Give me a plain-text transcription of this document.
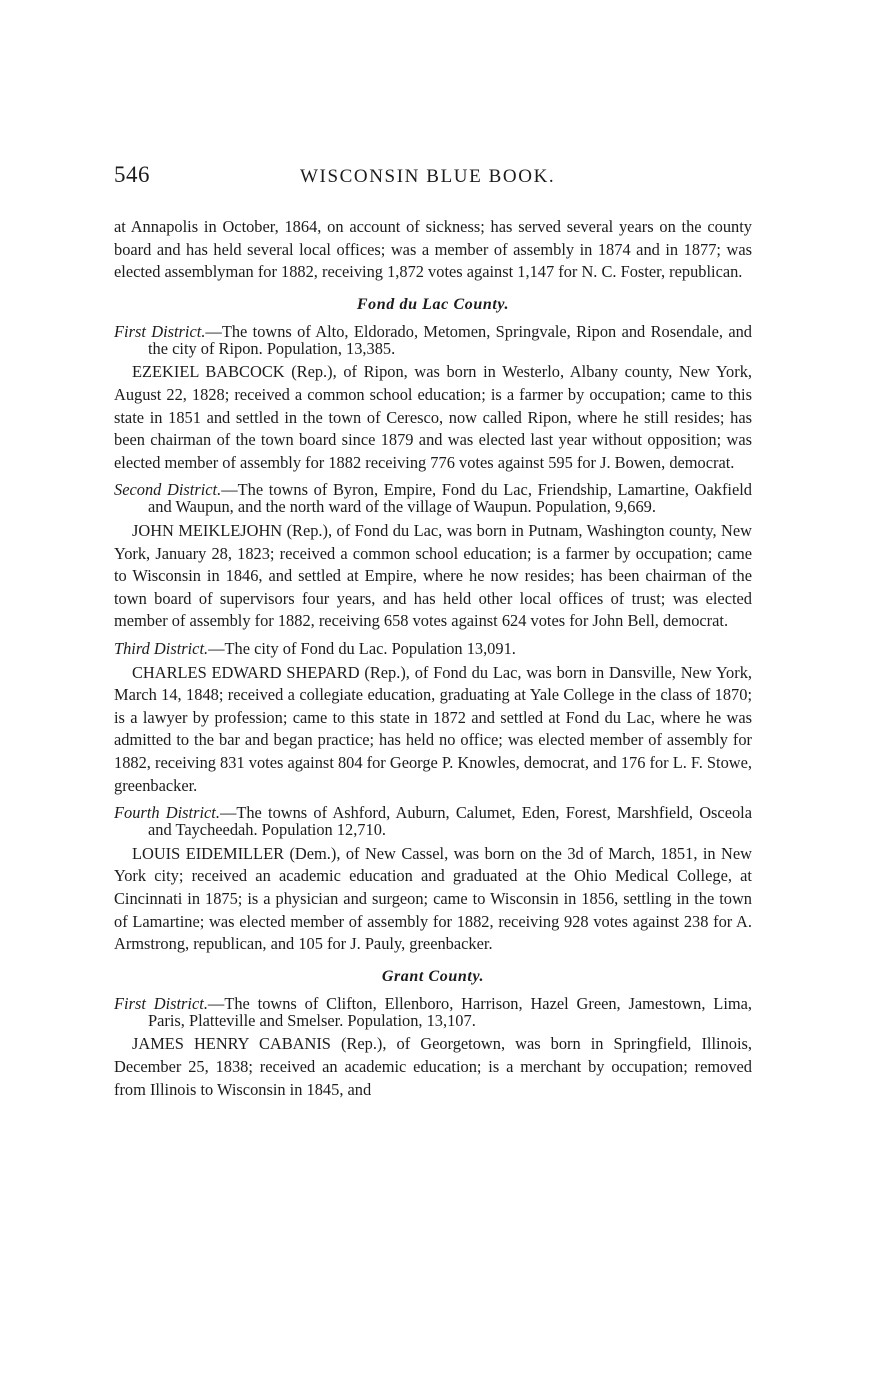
546	WISCONSIN BLUE BOOK.

at Annapolis in October, 1864, on account of sickness; has served several years on the county board and has held several local offices; was a member of assembly in 1874 and in 1877; was elected assemblyman for 1882, receiving 1,872 votes against 1,147 for N. C. Foster, republican.

Fond du Lac County.
First District.—The towns of Alto, Eldorado, Metomen, Springvale, Ripon and Rosendale, and the city of Ripon. Population, 13,385.

EZEKIEL BABCOCK (Rep.), of Ripon, was born in Westerlo, Albany county, New York, August 22, 1828; received a common school education; is a farmer by occupation; came to this state in 1851 and settled in the town of Ceresco, now called Ripon, where he still resides; has been chairman of the town board since 1879 and was elected last year without opposition; was elected member of assembly for 1882 receiving 776 votes against 595 for J. Bowen, democrat.

Second District.—The towns of Byron, Empire, Fond du Lac, Friendship, Lamartine, Oakfield and Waupun, and the north ward of the village of Waupun. Population, 9,669.

JOHN MEIKLEJOHN (Rep.), of Fond du Lac, was born in Putnam, Washington county, New York, January 28, 1823; received a common school education; is a farmer by occupation; came to Wisconsin in 1846, and settled at Empire, where he now resides; has been chairman of the town board of supervisors four years, and has held other local offices of trust; was elected member of assembly for 1882, receiving 658 votes against 624 votes for John Bell, democrat.

Third District.—The city of Fond du Lac. Population 13,091.

CHARLES EDWARD SHEPARD (Rep.), of Fond du Lac, was born in Dansville, New York, March 14, 1848; received a collegiate education, graduating at Yale College in the class of 1870; is a lawyer by profession; came to this state in 1872 and settled at Fond du Lac, where he was admitted to the bar and began practice; has held no office; was elected member of assembly for 1882, receiving 831 votes against 804 for George P. Knowles, democrat, and 176 for L. F. Stowe, greenbacker.

Fourth District.—The towns of Ashford, Auburn, Calumet, Eden, Forest, Marshfield, Osceola and Taycheedah. Population 12,710.

LOUIS EIDEMILLER (Dem.), of New Cassel, was born on the 3d of March, 1851, in New York city; received an academic education and graduated at the Ohio Medical College, at Cincinnati in 1875; is a physician and surgeon; came to Wisconsin in 1856, settling in the town of Lamartine; was elected member of assembly for 1882, receiving 928 votes against 238 for A. Armstrong, republican, and 105 for J. Pauly, greenbacker.

Grant County.
First District.—The towns of Clifton, Ellenboro, Harrison, Hazel Green, Jamestown, Lima, Paris, Platteville and Smelser. Population, 13,107.

JAMES HENRY CABANIS (Rep.), of Georgetown, was born in Springfield, Illinois, December 25, 1838; received an academic education; is a merchant by occupation; removed from Illinois to Wisconsin in 1845, and
